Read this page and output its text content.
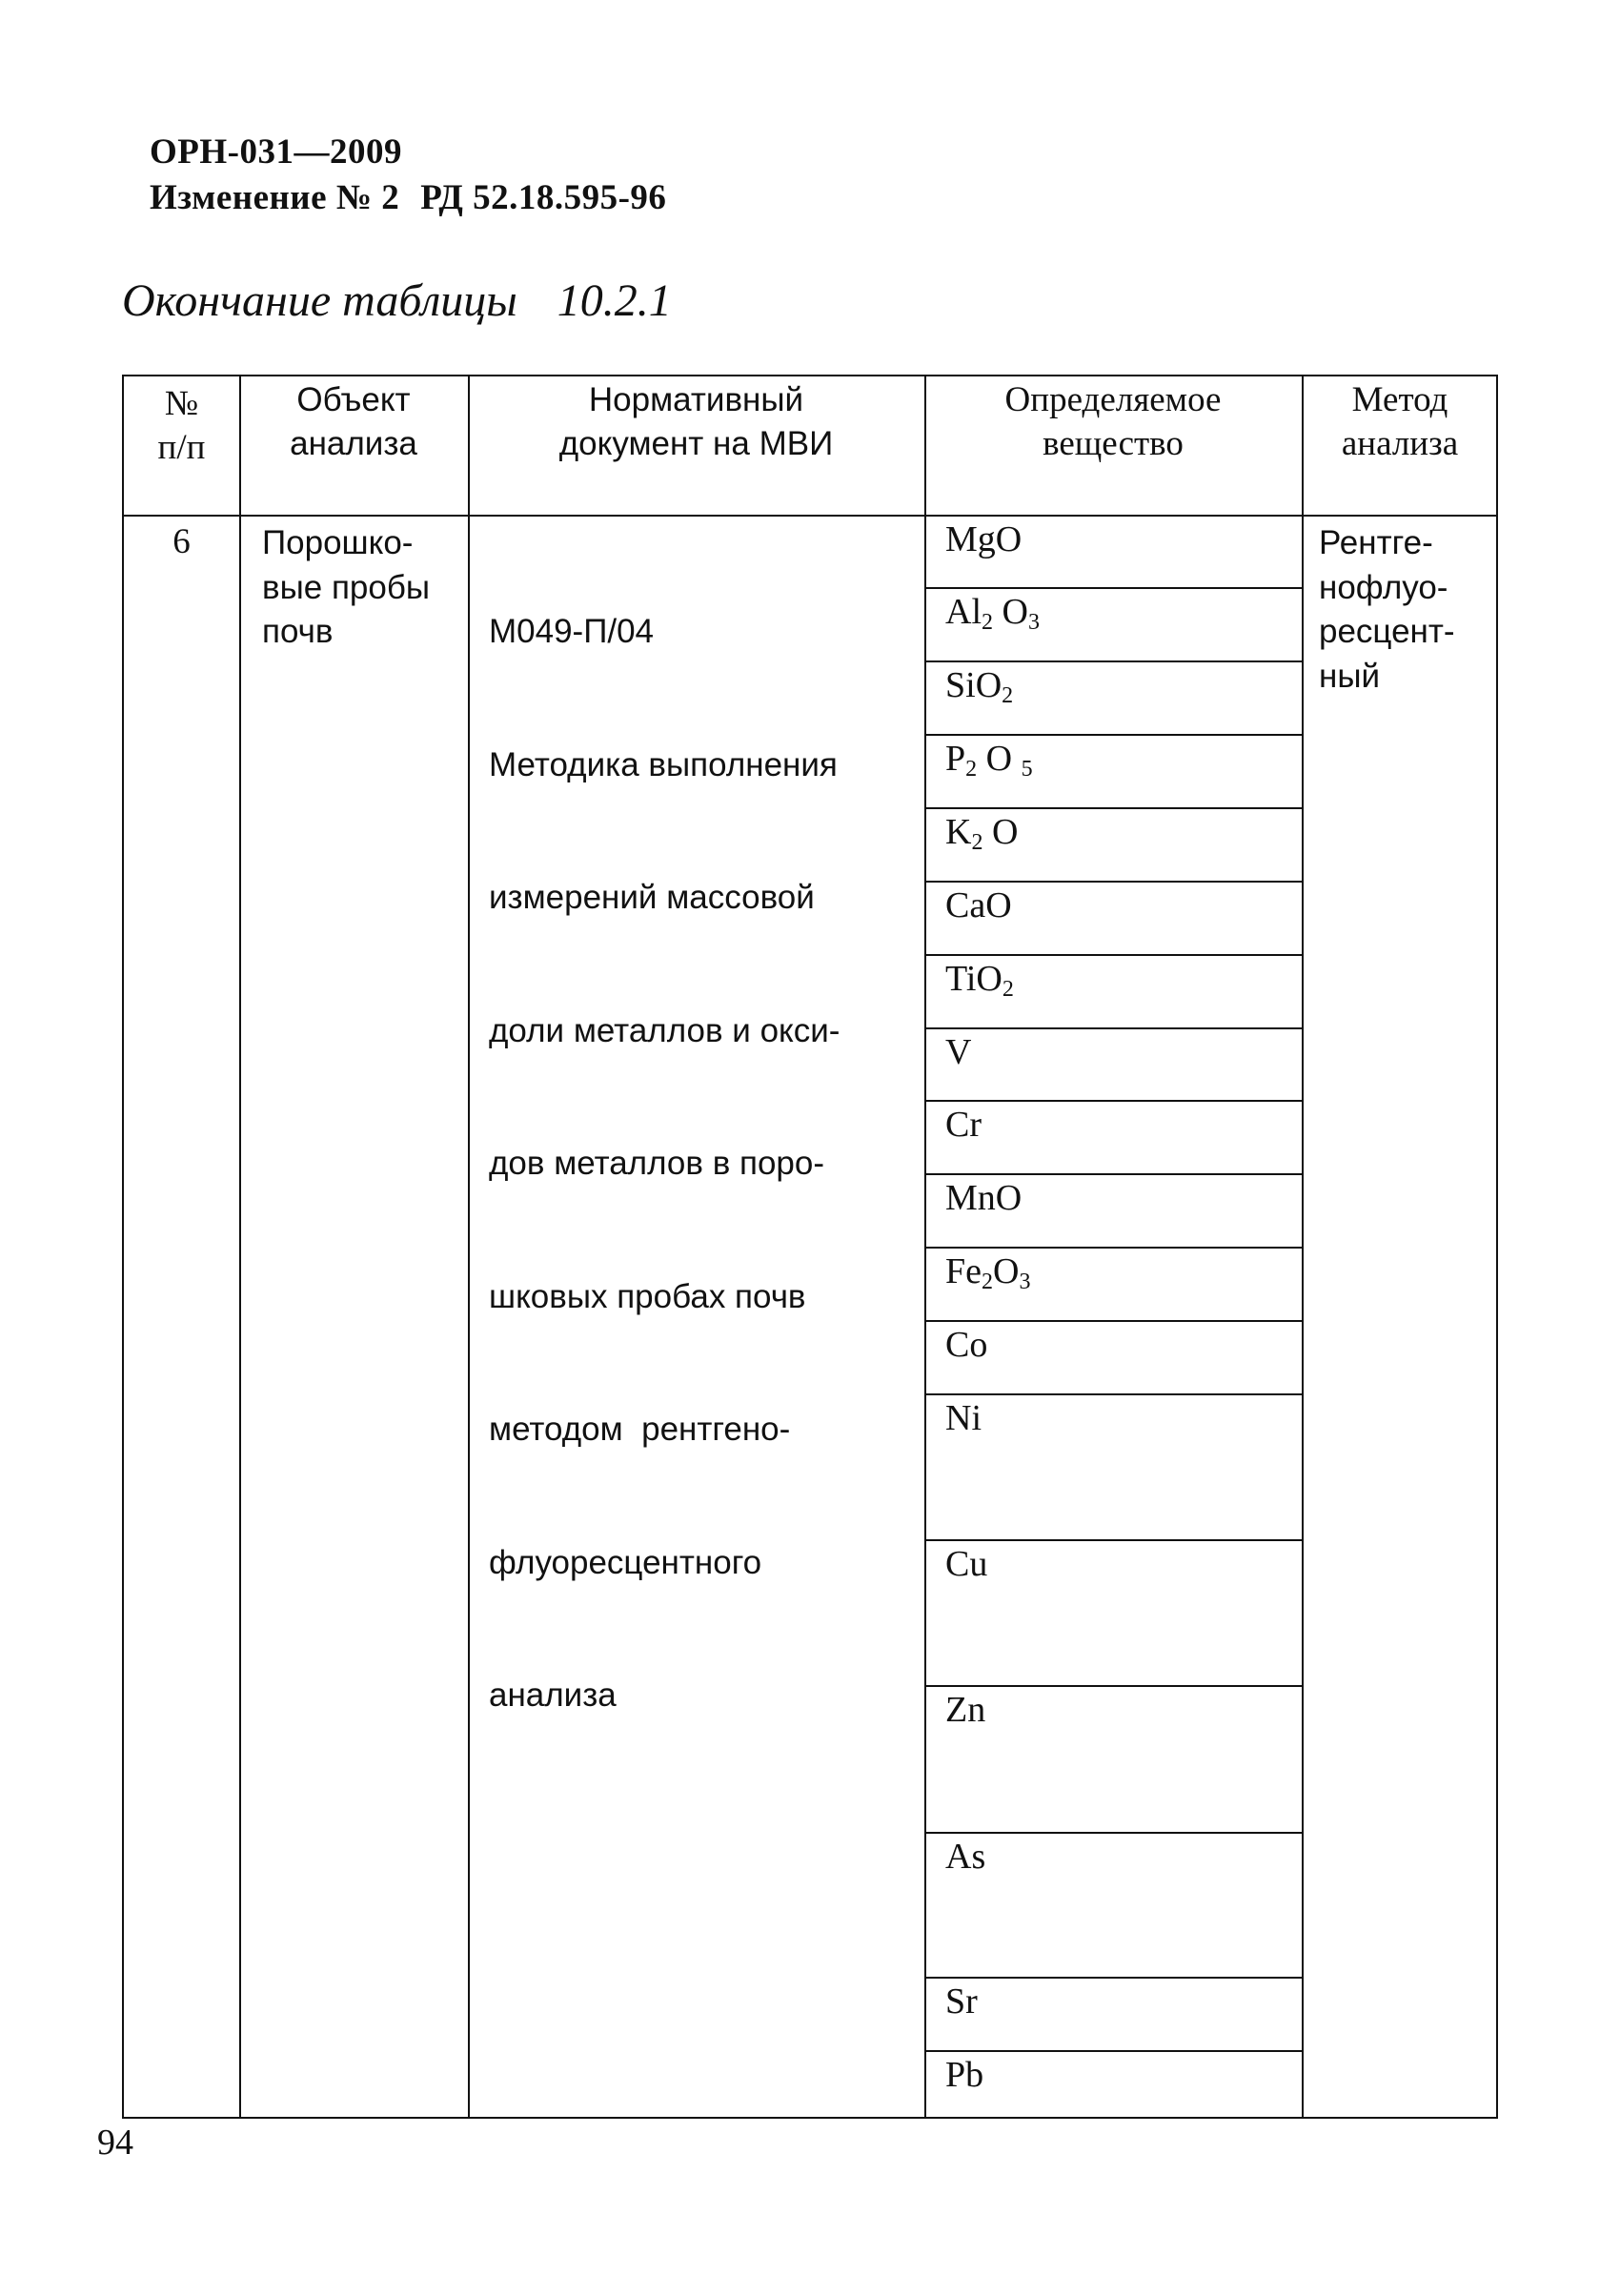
ОРН-031—2009
Изменение № 2 РД 52.18.595-96
Окончание таблицы 10.2.1
№
п/п
Объект
анализа
Нормативный
документ на МВИ
Определяемое
вещество
Метод
анализа
6	Порошко-
вые пробы
почв

	М049-П/04

Методика выполнения

измерений массовой

доли металлов и окси-

дов металлов в поро-

шковых пробах почв

методом  рентгено-

флуоресцентного

анализа

Рентге-
нофлуо-
ресцент-
ный
MgO
$Al_2$ $O_3$
SiO$_2$
$P_2$ O $_5$
$K_2$ O
CaO
TiO$_2$
V
Cr
MnO
$Fe_2O_3$
Co
Ni
Cu
Zn
As
Sr
Pb
94
